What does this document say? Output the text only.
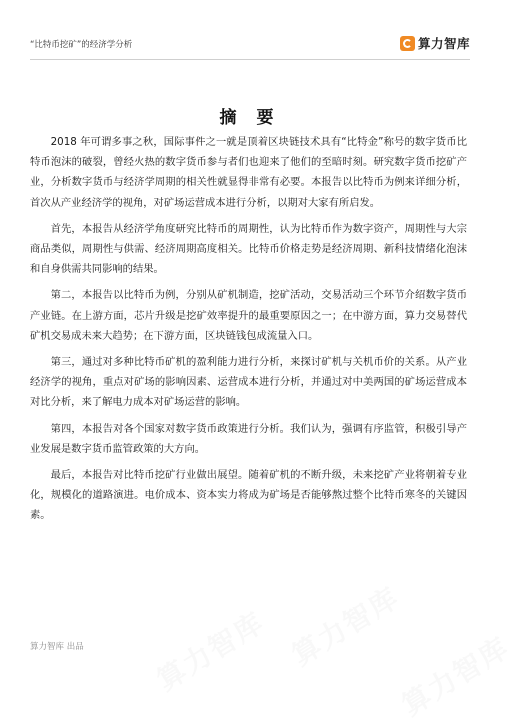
“比特币挖矿”的经济学分析	算力智库
摘 要

2018 年可谓多事之秋，国际事件之一就是顶着区块链技术具有“比特金”称号的数字货币比特币泡沫的破裂，曾经火热的数字货币参与者们也迎来了他们的至暗时刻。研究数字货币挖矿产业，分析数字货币与经济学周期的相关性就显得非常有必要。本报告以比特币为例来详细分析，首次从产业经济学的视角，对矿场运营成本进行分析，以期对大家有所启发。

首先，本报告从经济学角度研究比特币的周期性，认为比特币作为数字资产，周期性与大宗商品类似，周期性与供需、经济周期高度相关。比特币价格走势是经济周期、新科技情绪化泡沫和自身供需共同影响的结果。

第二，本报告以比特币为例，分别从矿机制造，挖矿活动，交易活动三个环节介绍数字货币产业链。在上游方面，芯片升级是挖矿效率提升的最重要原因之一；在中游方面，算力交易替代矿机交易成未来大趋势；在下游方面，区块链钱包成流量入口。

第三，通过对多种比特币矿机的盈利能力进行分析，来探讨矿机与关机币价的关系。从产业经济学的视角，重点对矿场的影响因素、运营成本进行分析，并通过对中美两国的矿场运营成本对比分析，来了解电力成本对矿场运营的影响。

第四，本报告对各个国家对数字货币政策进行分析。我们认为，强调有序监管，积极引导产业发展是数字货币监管政策的大方向。

最后，本报告对比特币挖矿行业做出展望。随着矿机的不断升级，未来挖矿产业将朝着专业化，规模化的道路演进。电价成本、资本实力将成为矿场是否能够熬过整个比特币寒冬的关键因素。

算力智库 出品 算力智库 算力智库
算力智库
